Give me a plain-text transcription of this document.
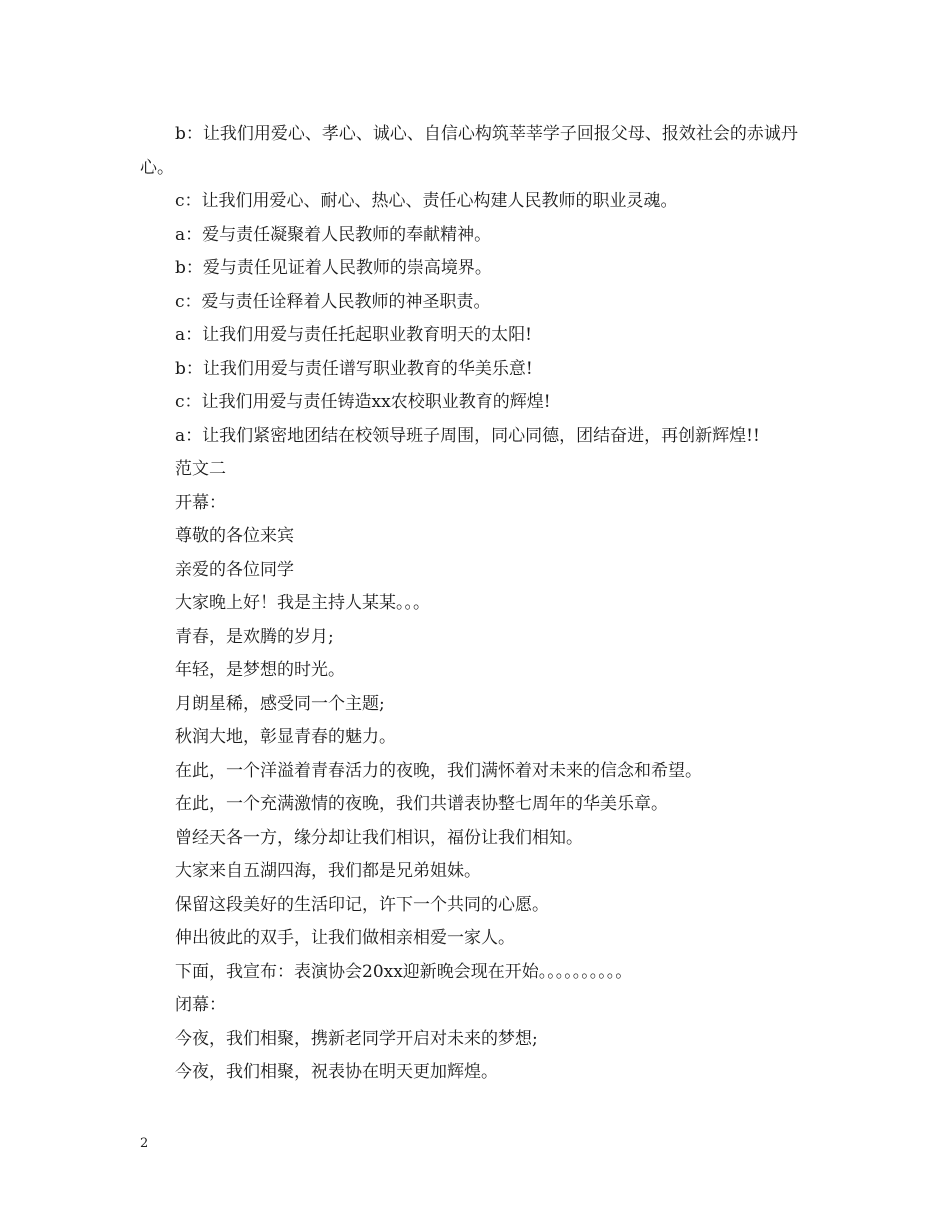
b：让我们用爱心、孝心、诚心、自信心构筑莘莘学子回报父母、报效社会的赤诚丹心。

c：让我们用爱心、耐心、热心、责任心构建人民教师的职业灵魂。

a：爱与责任凝聚着人民教师的奉献精神。

b：爱与责任见证着人民教师的崇高境界。

c：爱与责任诠释着人民教师的神圣职责。

a：让我们用爱与责任托起职业教育明天的太阳!

b：让我们用爱与责任谱写职业教育的华美乐意!

c：让我们用爱与责任铸造xx农校职业教育的辉煌!

a：让我们紧密地团结在校领导班子周围，同心同德，团结奋进，再创新辉煌!!

范文二

开幕：

尊敬的各位来宾

亲爱的各位同学

大家晚上好！我是主持人某某。。。

青春，是欢腾的岁月;

年轻，是梦想的时光。

月朗星稀，感受同一个主题;

秋润大地，彰显青春的魅力。

在此，一个洋溢着青春活力的夜晚，我们满怀着对未来的信念和希望。

在此，一个充满激情的夜晚，我们共谱表协整七周年的华美乐章。

曾经天各一方，缘分却让我们相识，福份让我们相知。

大家来自五湖四海，我们都是兄弟姐妹。

保留这段美好的生活印记，许下一个共同的心愿。

伸出彼此的双手，让我们做相亲相爱一家人。

下面，我宣布：表演协会20xx迎新晚会现在开始。。。。。。。。。。

闭幕：

今夜，我们相聚，携新老同学开启对未来的梦想;

今夜，我们相聚，祝表协在明天更加辉煌。

2
